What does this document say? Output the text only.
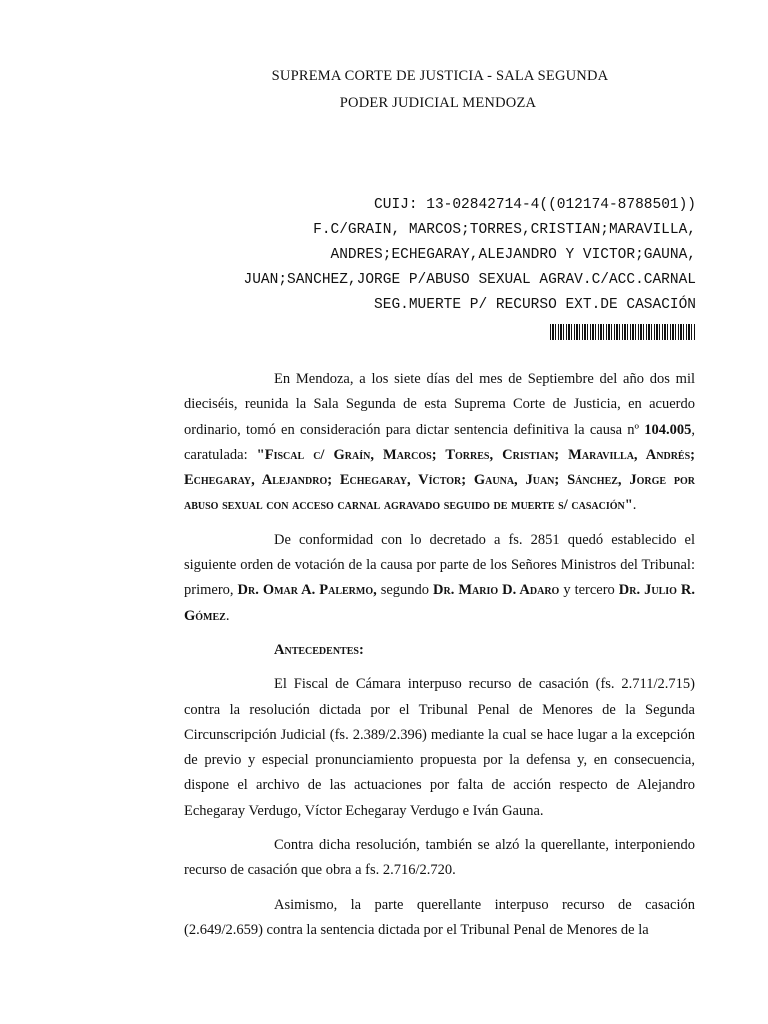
SUPREMA CORTE DE JUSTICIA - SALA SEGUNDA
PODER JUDICIAL MENDOZA
CUIJ: 13-02842714-4((012174-8788501))
F.C/GRAIN, MARCOS;TORRES,CRISTIAN;MARAVILLA,
ANDRES;ECHEGARAY,ALEJANDRO Y VICTOR;GAUNA,
JUAN;SANCHEZ,JORGE P/ABUSO SEXUAL AGRAV.C/ACC.CARNAL
SEG.MUERTE P/ RECURSO EXT.DE CASACIÓN

En Mendoza, a los siete días del mes de Septiembre del año dos mil dieciséis, reunida la Sala Segunda de esta Suprema Corte de Justicia, en acuerdo ordinario, tomó en consideración para dictar sentencia definitiva la causa nº 104.005, caratulada: "Fiscal c/ Graín, Marcos; Torres, Cristian; Maravilla, Andrés; Echegaray, Alejandro; Echegaray, Víctor; Gauna, Juan; Sánchez, Jorge por abuso sexual con acceso carnal agravado seguido de muerte s/ casación".

De conformidad con lo decretado a fs. 2851 quedó establecido el siguiente orden de votación de la causa por parte de los Señores Ministros del Tribunal: primero, Dr. Omar A. Palermo, segundo Dr. Mario D. Adaro y tercero Dr. Julio R. Gómez.

Antecedentes:

El Fiscal de Cámara interpuso recurso de casación (fs. 2.711/2.715) contra la resolución dictada por el Tribunal Penal de Menores de la Segunda Circunscripción Judicial (fs. 2.389/2.396) mediante la cual se hace lugar a la excepción de previo y especial pronunciamiento propuesta por la defensa y, en consecuencia, dispone el archivo de las actuaciones por falta de acción respecto de Alejandro Echegaray Verdugo, Víctor Echegaray Verdugo e Iván Gauna.

Contra dicha resolución, también se alzó la querellante, interponiendo recurso de casación que obra a fs. 2.716/2.720.

Asimismo, la parte querellante interpuso recurso de casación (2.649/2.659) contra la sentencia dictada por el Tribunal Penal de Menores de la
